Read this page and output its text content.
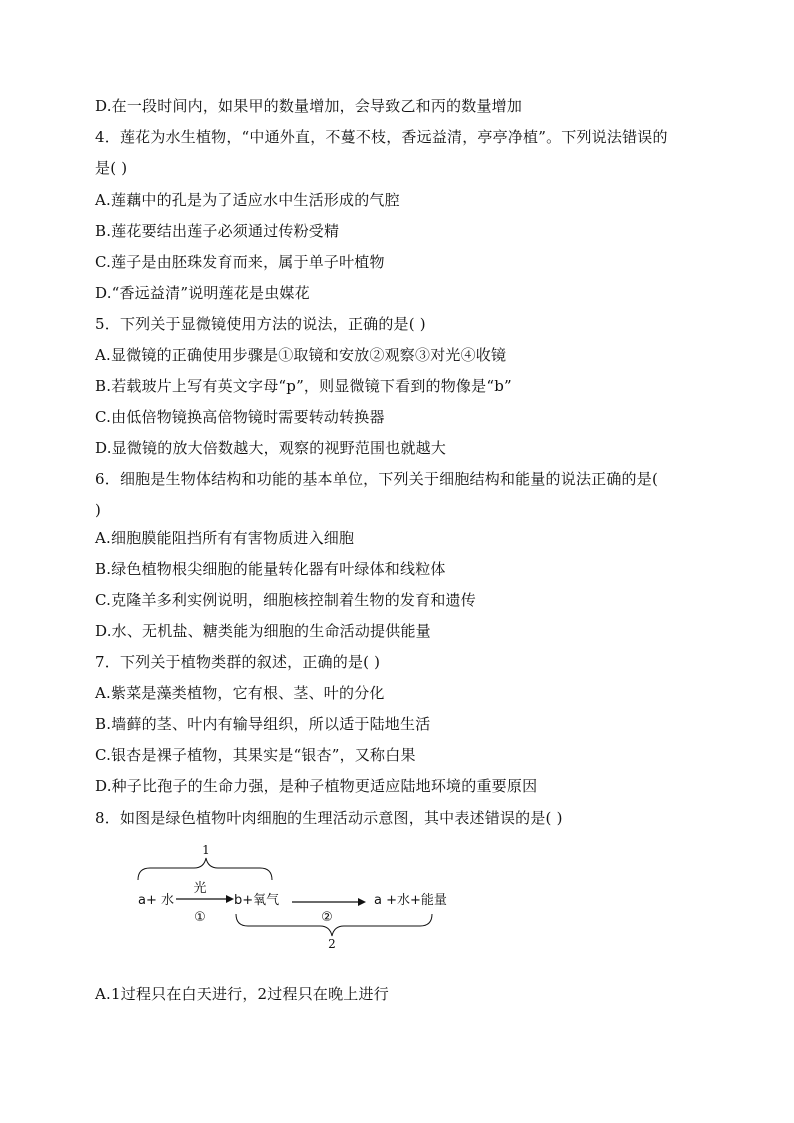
D.在一段时间内，如果甲的数量增加，会导致乙和丙的数量增加
4．莲花为水生植物，“中通外直，不蔓不枝，香远益清，亭亭净植”。下列说法错误的
是( )
A.莲藕中的孔是为了适应水中生活形成的气腔
B.莲花要结出莲子必须通过传粉受精
C.莲子是由胚珠发育而来，属于单子叶植物
D.“香远益清”说明莲花是虫媒花
5．下列关于显微镜使用方法的说法，正确的是( )
A.显微镜的正确使用步骤是①取镜和安放②观察③对光④收镜
B.若载玻片上写有英文字母“p”，则显微镜下看到的物像是“b”
C.由低倍物镜换高倍物镜时需要转动转换器
D.显微镜的放大倍数越大，观察的视野范围也就越大
6．细胞是生物体结构和功能的基本单位，下列关于细胞结构和能量的说法正确的是(
)
A.细胞膜能阻挡所有有害物质进入细胞
B.绿色植物根尖细胞的能量转化器有叶绿体和线粒体
C.克隆羊多利实例说明，细胞核控制着生物的发育和遗传
D.水、无机盐、糖类能为细胞的生命活动提供能量
7．下列关于植物类群的叙述，正确的是( )
A.紫菜是藻类植物，它有根、茎、叶的分化
B.墙藓的茎、叶内有输导组织，所以适于陆地生活
C.银杏是裸子植物，其果实是“银杏”，又称白果
D.种子比孢子的生命力强，是种子植物更适应陆地环境的重要原因
8．如图是绿色植物叶肉细胞的生理活动示意图，其中表述错误的是( )
1
a+ 水
光
①
b+氧气
②
a +水+能量
2
A.1过程只在白天进行，2过程只在晚上进行
